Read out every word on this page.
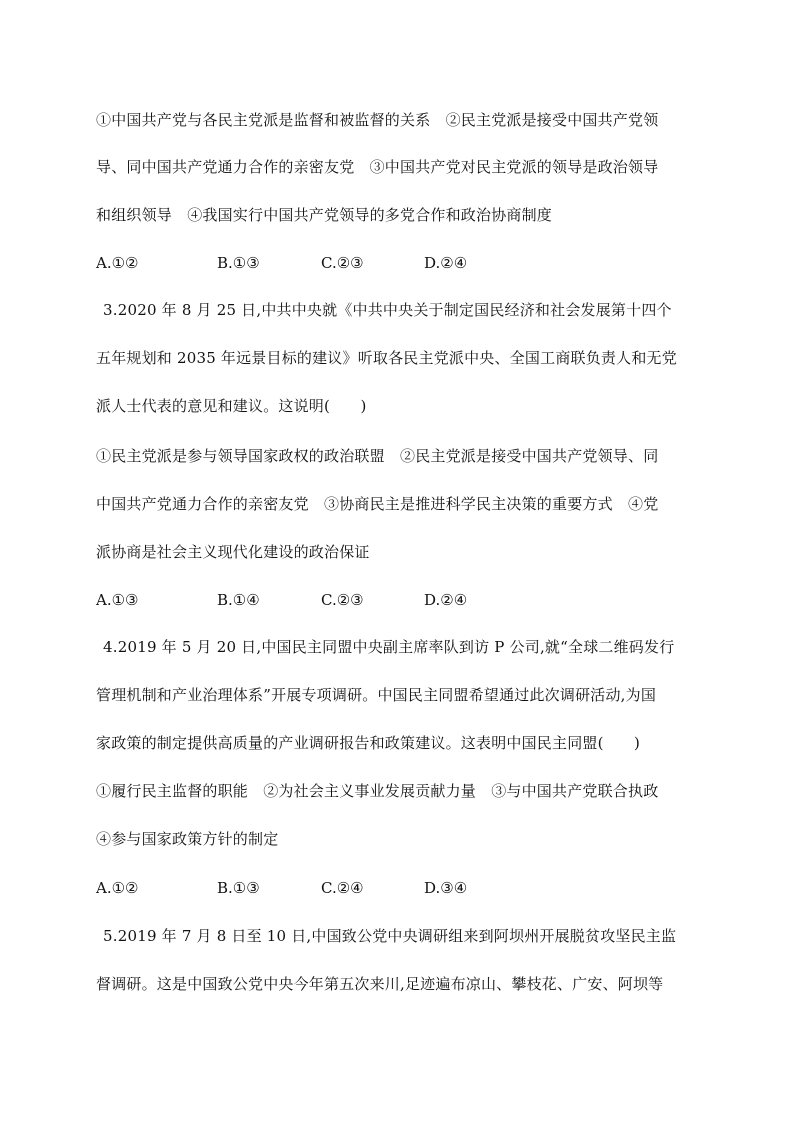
①中国共产党与各民主党派是监督和被监督的关系　②民主党派是接受中国共产党领
导、同中国共产党通力合作的亲密友党　③中国共产党对民主党派的领导是政治领导
和组织领导　④我国实行中国共产党领导的多党合作和政治协商制度
A.①②	B.①③	C.②③	D.②④
3.2020 年 8 月 25 日,中共中央就《中共中央关于制定国民经济和社会发展第十四个
五年规划和 2035 年远景目标的建议》听取各民主党派中央、全国工商联负责人和无党
派人士代表的意见和建议。这说明(　　)
①民主党派是参与领导国家政权的政治联盟　②民主党派是接受中国共产党领导、同
中国共产党通力合作的亲密友党　③协商民主是推进科学民主决策的重要方式　④党
派协商是社会主义现代化建设的政治保证
A.①③	B.①④	C.②③	D.②④
4.2019 年 5 月 20 日,中国民主同盟中央副主席率队到访 P 公司,就“全球二维码发行
管理机制和产业治理体系”开展专项调研。中国民主同盟希望通过此次调研活动,为国
家政策的制定提供高质量的产业调研报告和政策建议。这表明中国民主同盟(　　)
①履行民主监督的职能　②为社会主义事业发展贡献力量　③与中国共产党联合执政
④参与国家政策方针的制定
A.①②	B.①③	C.②④	D.③④
5.2019 年 7 月 8 日至 10 日,中国致公党中央调研组来到阿坝州开展脱贫攻坚民主监
督调研。这是中国致公党中央今年第五次来川,足迹遍布凉山、攀枝花、广安、阿坝等
